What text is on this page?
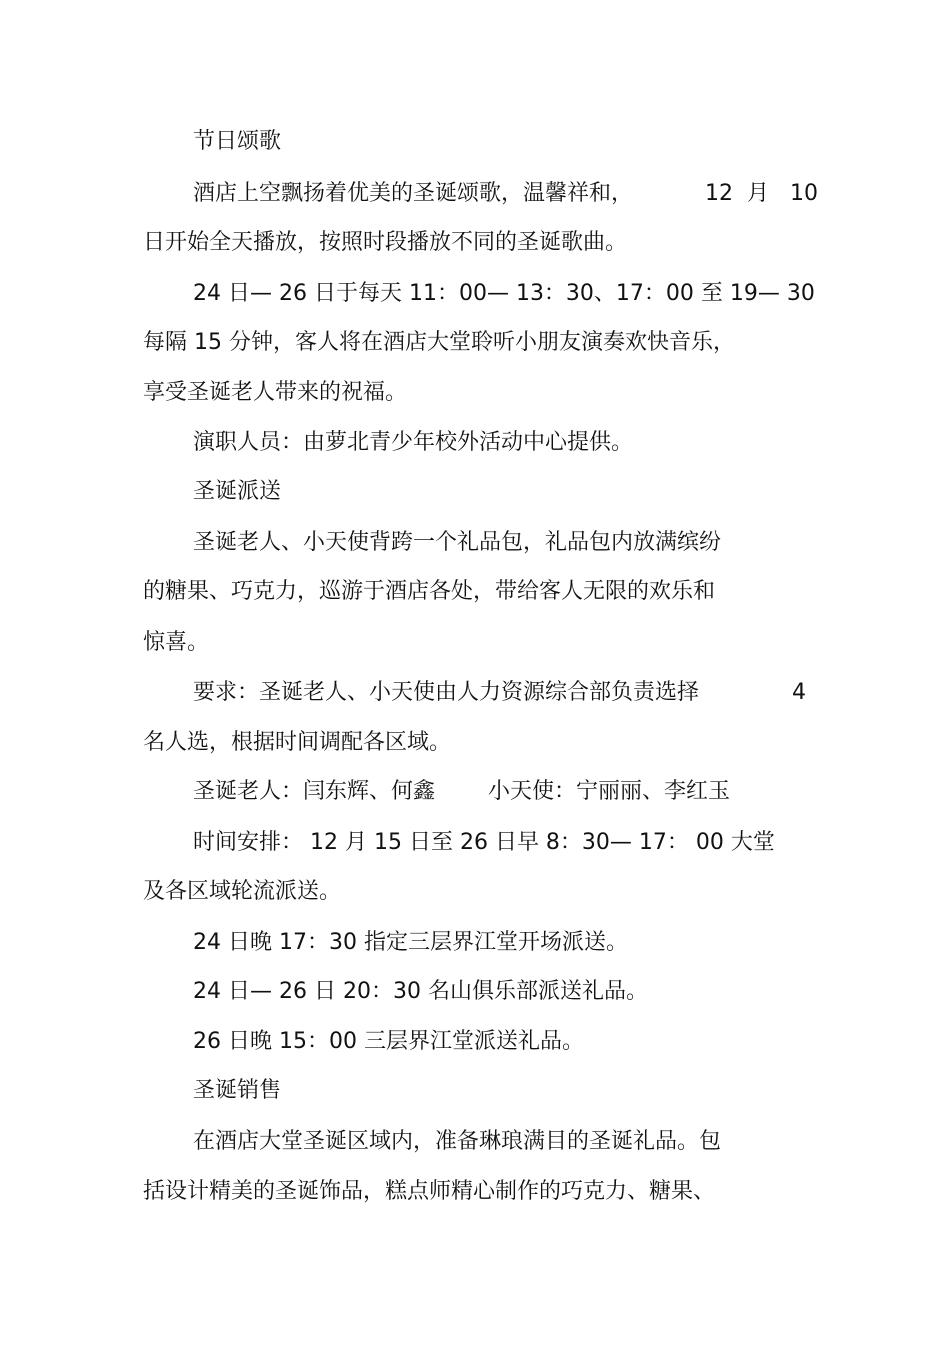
节日颂歌
酒店上空飘扬着优美的圣诞颂歌，温馨祥和，	12  月   10
日开始全天播放，按照时段播放不同的圣诞歌曲。
24 日— 26 日于每天 11：00— 13：30、17：00 至 19— 30
每隔 15 分钟，客人将在酒店大堂聆听小朋友演奏欢快音乐，
享受圣诞老人带来的祝福。
演职人员：由萝北青少年校外活动中心提供。
圣诞派送
圣诞老人、小天使背跨一个礼品包，礼品包内放满缤纷
的糖果、巧克力，巡游于酒店各处，带给客人无限的欢乐和
惊喜。
要求：圣诞老人、小天使由人力资源综合部负责选择	4
名人选，根据时间调配各区域。
圣诞老人：闫东辉、何鑫 小天使：宁丽丽、李红玉
时间安排： 12 月 15 日至 26 日早 8：30— 17： 00 大堂
及各区域轮流派送。
24 日晚 17：30 指定三层界江堂开场派送。
24 日— 26 日 20：30 名山俱乐部派送礼品。
26 日晚 15：00 三层界江堂派送礼品。
圣诞销售
在酒店大堂圣诞区域内，准备琳琅满目的圣诞礼品。包
括设计精美的圣诞饰品，糕点师精心制作的巧克力、糖果、
